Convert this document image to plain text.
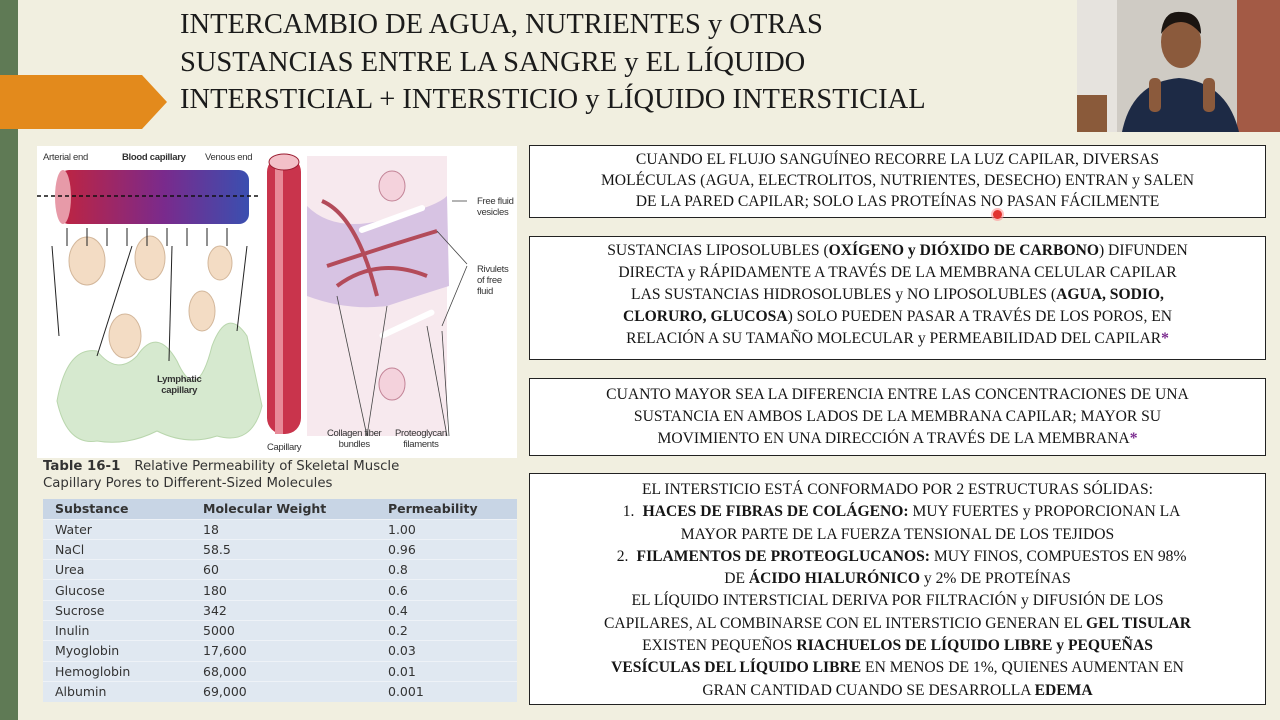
INTERCAMBIO DE AGUA, NUTRIENTES y OTRAS
SUSTANCIAS ENTRE LA SANGRE y EL LÍQUIDO
INTERSTICIAL + INTERSTICIO y LÍQUIDO INTERSTICIAL
Arterial end	Blood capillary Venous end
Lymphatic
capillary
Free fluid
vesicles
Rivulets
of free
fluid
Capillary
Collagen fiber
bundles
Proteoglycan
filaments
Table 16-1 Relative Permeability of Skeletal Muscle
Capillary Pores to Different-Sized Molecules
Substance	Molecular Weight	Permeability
Water	18	1.00
NaCl	58.5	0.96
Urea	60	0.8
Glucose	180	0.6
Sucrose	342	0.4
Inulin	5000	0.2
Myoglobin	17,600	0.03
Hemoglobin	68,000	0.01
Albumin	69,000	0.001
CUANDO EL FLUJO SANGUÍNEO RECORRE LA LUZ CAPILAR, DIVERSAS
MOLÉCULAS (AGUA, ELECTROLITOS, NUTRIENTES, DESECHO) ENTRAN y SALEN
DE LA PARED CAPILAR; SOLO LAS PROTEÍNAS NO PASAN FÁCILMENTE
SUSTANCIAS LIPOSOLUBLES (OXÍGENO y DIÓXIDO DE CARBONO) DIFUNDEN
DIRECTA y RÁPIDAMENTE A TRAVÉS DE LA MEMBRANA CELULAR CAPILAR
LAS SUSTANCIAS HIDROSOLUBLES y NO LIPOSOLUBLES (AGUA, SODIO,
CLORURO, GLUCOSA) SOLO PUEDEN PASAR A TRAVÉS DE LOS POROS, EN
RELACIÓN A SU TAMAÑO MOLECULAR y PERMEABILIDAD DEL CAPILAR*
CUANTO MAYOR SEA LA DIFERENCIA ENTRE LAS CONCENTRACIONES DE UNA
SUSTANCIA EN AMBOS LADOS DE LA MEMBRANA CAPILAR; MAYOR SU
MOVIMIENTO EN UNA DIRECCIÓN A TRAVÉS DE LA MEMBRANA*
EL INTERSTICIO ESTÁ CONFORMADO POR 2 ESTRUCTURAS SÓLIDAS:
1. HACES DE FIBRAS DE COLÁGENO: MUY FUERTES y PROPORCIONAN LA
MAYOR PARTE DE LA FUERZA TENSIONAL DE LOS TEJIDOS
2. FILAMENTOS DE PROTEOGLUCANOS: MUY FINOS, COMPUESTOS EN 98%
DE ÁCIDO HIALURÓNICO y 2% DE PROTEÍNAS
EL LÍQUIDO INTERSTICIAL DERIVA POR FILTRACIÓN y DIFUSIÓN DE LOS
CAPILARES, AL COMBINARSE CON EL INTERSTICIO GENERAN EL GEL TISULAR
EXISTEN PEQUEÑOS RIACHUELOS DE LÍQUIDO LIBRE y PEQUEÑAS
VESÍCULAS DEL LÍQUIDO LIBRE EN MENOS DE 1%, QUIENES AUMENTAN EN
GRAN CANTIDAD CUANDO SE DESARROLLA EDEMA
